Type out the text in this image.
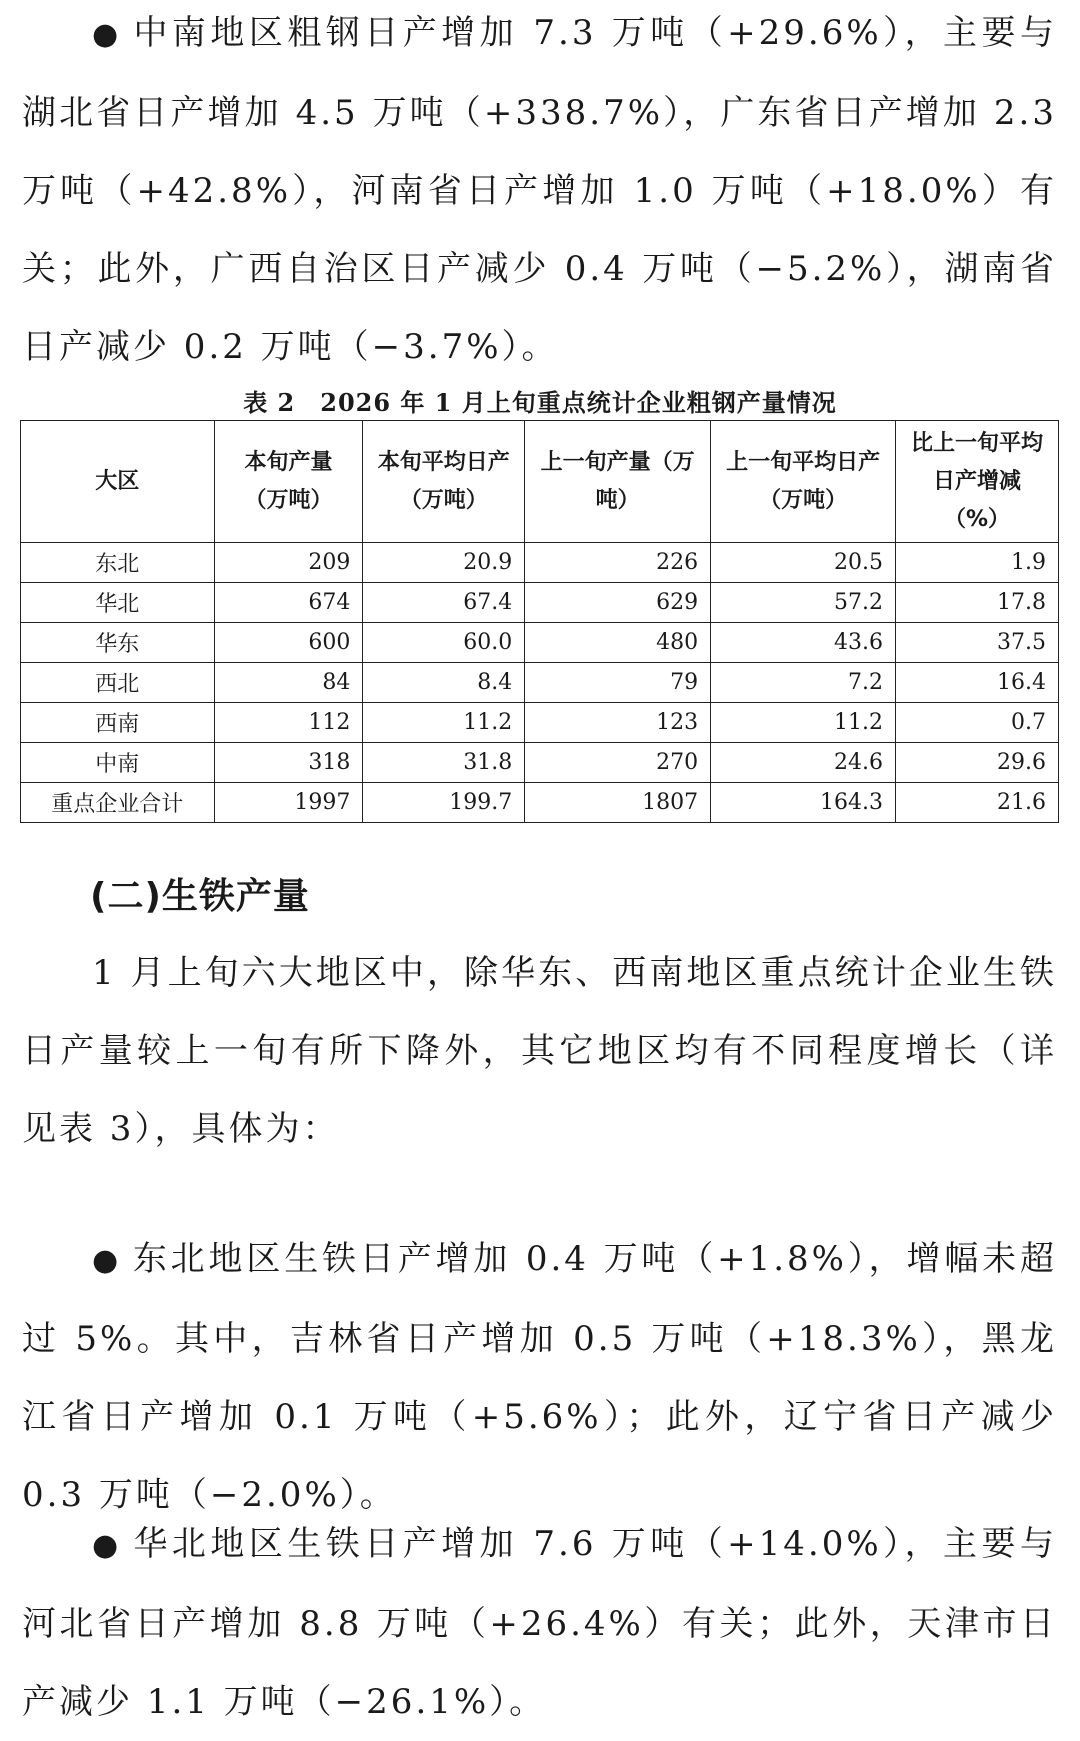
● 中南地区粗钢日产增加 7.3 万吨（+29.6%），主要与湖北省日产增加 4.5 万吨（+338.7%），广东省日产增加 2.3 万吨（+42.8%），河南省日产增加 1.0 万吨（+18.0%）有关；此外，广西自治区日产减少 0.4 万吨（−5.2%），湖南省日产减少 0.2 万吨（−3.7%）。

表 2　2026 年 1 月上旬重点统计企业粗钢产量情况
大区	本旬产量（万吨）	本旬平均日产（万吨）	上一旬产量（万吨）	上一旬平均日产（万吨）	比上一旬平均日产增减（%）
东北	209	20.9	226	20.5	1.9
华北	674	67.4	629	57.2	17.8
华东	600	60.0	480	43.6	37.5
西北	84	8.4	79	7.2	16.4
西南	112	11.2	123	11.2	0.7
中南	318	31.8	270	24.6	29.6
重点企业合计	1997	199.7	1807	164.3	21.6
(二)生铁产量

1 月上旬六大地区中，除华东、西南地区重点统计企业生铁日产量较上一旬有所下降外，其它地区均有不同程度增长（详见表 3），具体为：

● 东北地区生铁日产增加 0.4 万吨（+1.8%），增幅未超过 5%。其中，吉林省日产增加 0.5 万吨（+18.3%），黑龙江省日产增加 0.1 万吨（+5.6%）；此外，辽宁省日产减少 0.3 万吨（−2.0%）。

● 华北地区生铁日产增加 7.6 万吨（+14.0%），主要与河北省日产增加 8.8 万吨（+26.4%）有关；此外，天津市日产减少 1.1 万吨（−26.1%）。
